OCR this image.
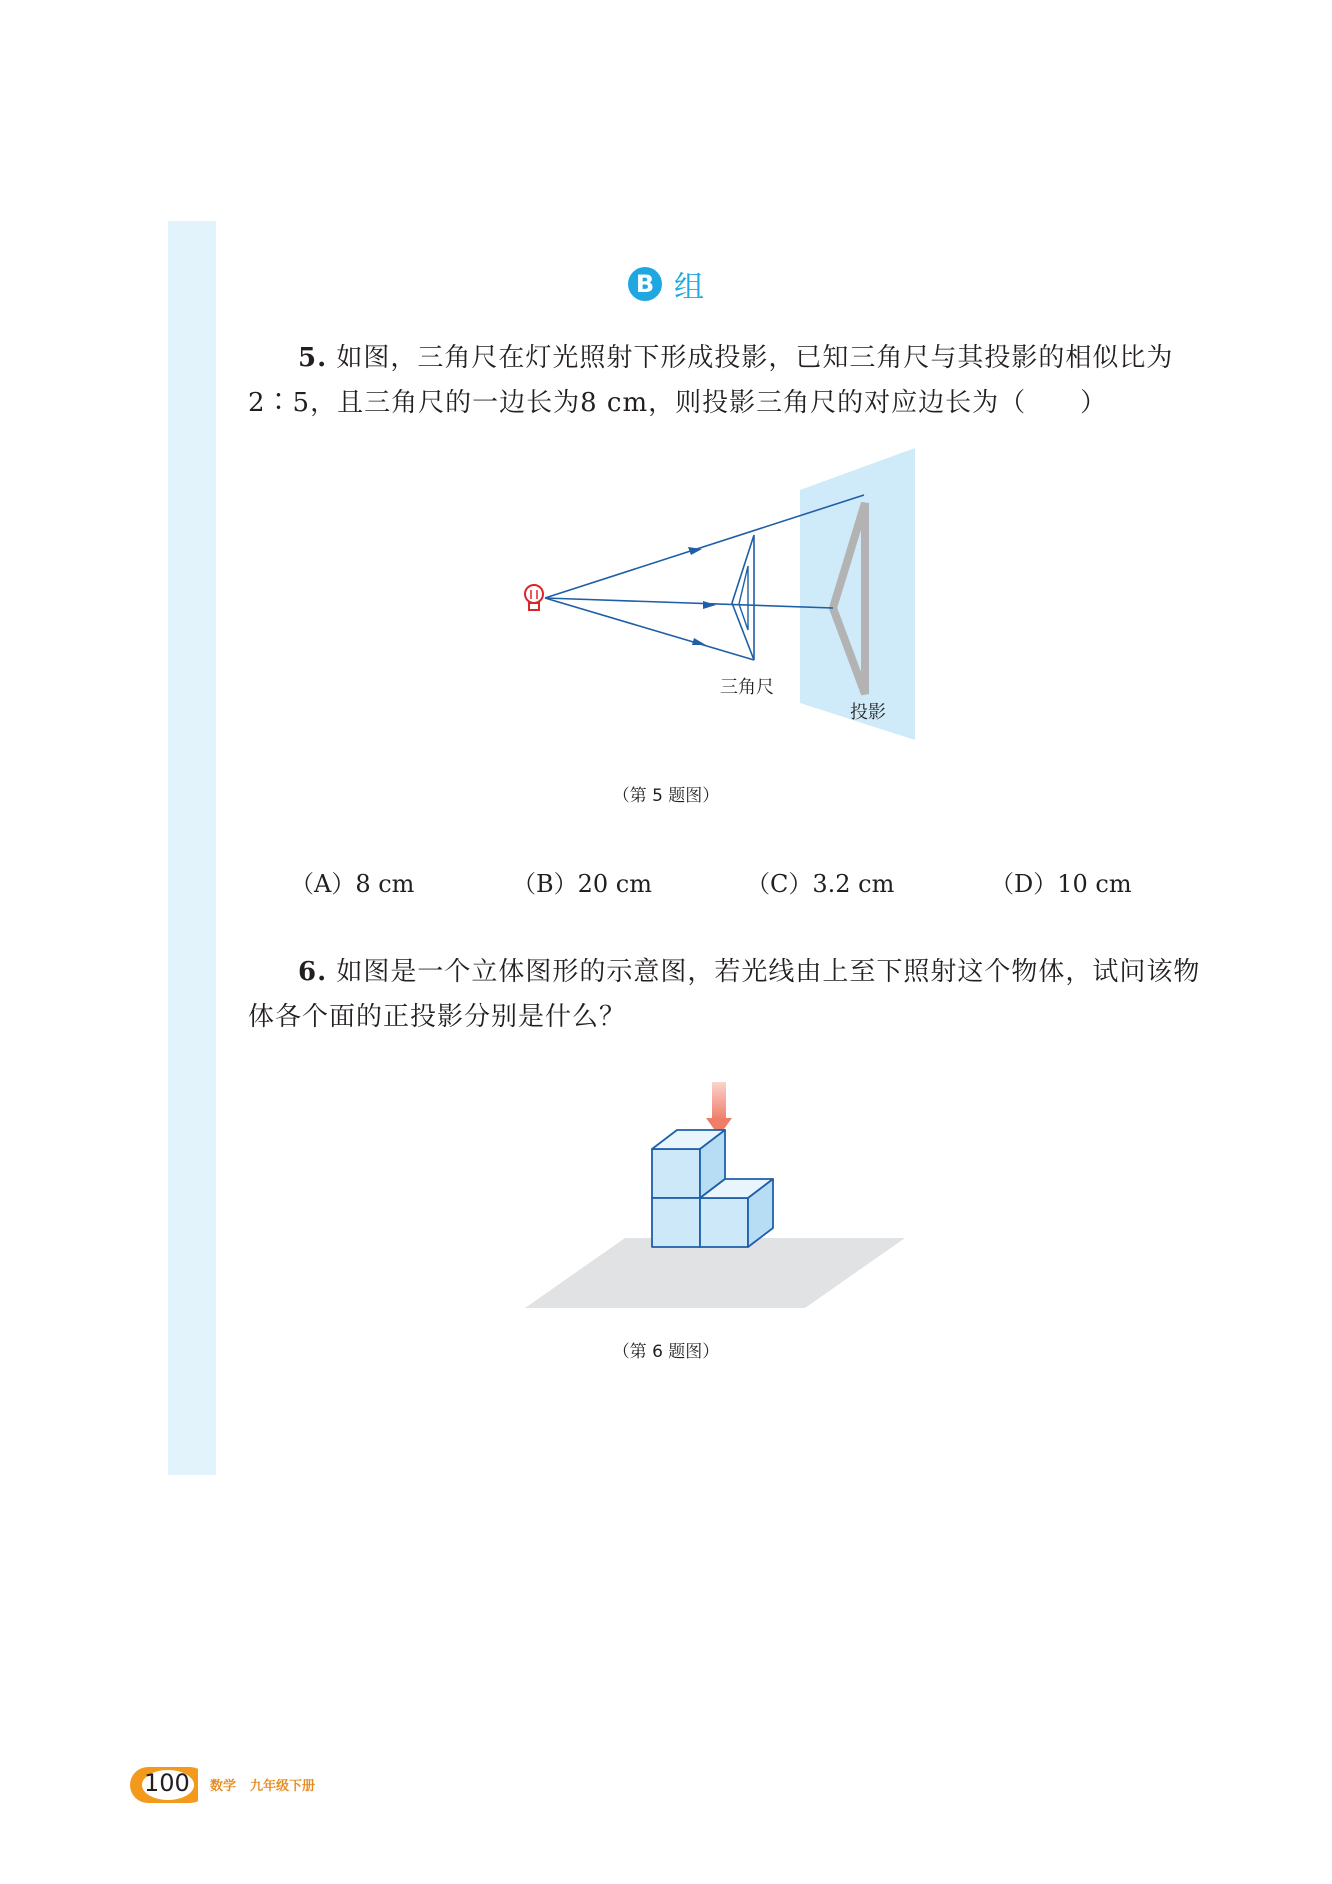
B 组
5. 如图，三角尺在灯光照射下形成投影，已知三角尺与其投影的相似比为2∶5，且三角尺的一边长为8 cm，则投影三角尺的对应边长为（　　）
三角尺
投影
（第 5 题图）
（A）8 cm	（B）20 cm	（C）3.2 cm	（D）10 cm
6. 如图是一个立体图形的示意图，若光线由上至下照射这个物体，试问该物体各个面的正投影分别是什么？
（第 6 题图）
100 数学 九年级下册
